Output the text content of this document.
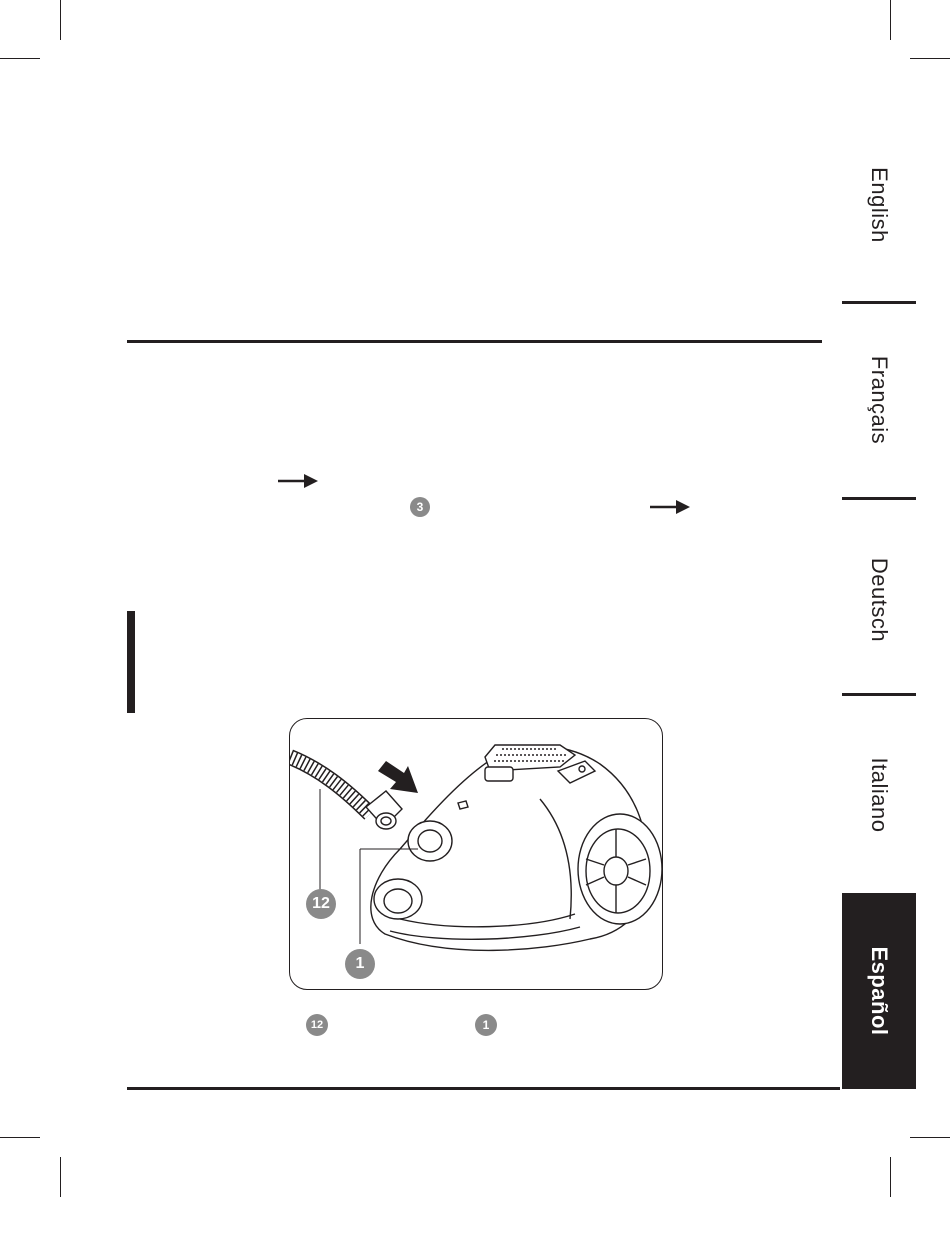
3
12
1
12	1
English
Français
Deutsch
Italiano
Español
